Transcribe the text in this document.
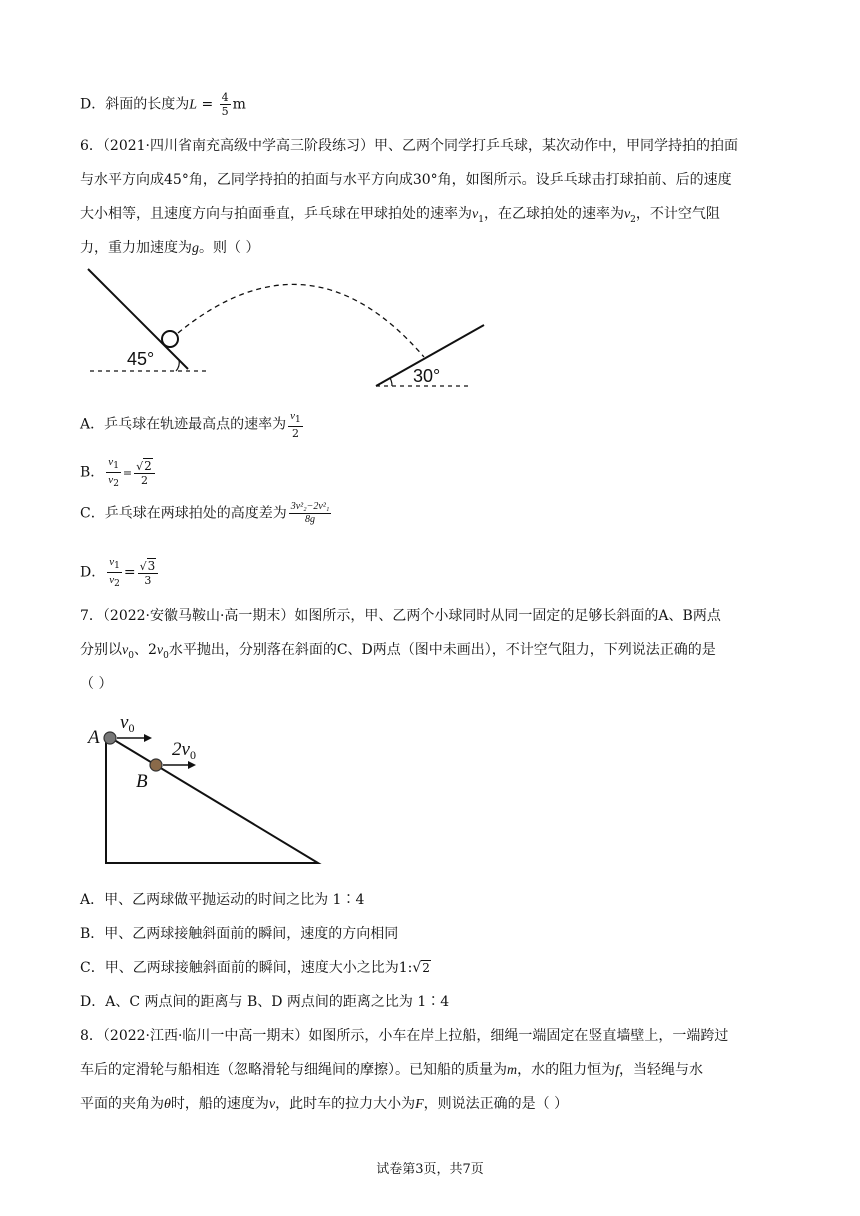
D．斜面的长度为$L = \frac{4}{5}$ m
6．（2021·四川省南充高级中学高三阶段练习）甲、乙两个同学打乒乓球，某次动作中，甲同学持拍的拍面
与水平方向成45°角，乙同学持拍的拍面与水平方向成30°角，如图所示。设乒乓球击打球拍前、后的速度
大小相等，且速度方向与拍面垂直，乒乓球在甲球拍处的速率为$v_1$，在乙球拍处的速率为$v_2$，不计空气阻
力，重力加速度为g。则（ ）
45°
30°
A．乒乓球在轨迹最高点的速率为 $\frac{v_1}{2}$
B． $\frac{v_1}{v_2} = \frac{√2}{2}$
C．乒乓球在两球拍处的高度差为 $\frac{\text{3v²₂−2v²₁}}{8g}$
D． $\frac{v_1}{v_2} = \frac{√3}{3}$
7．（2022·安徽马鞍山·高一期末）如图所示，甲、乙两个小球同时从同一固定的足够长斜面的A、B两点
分别以$v_0$、$2v_0$水平抛出，分别落在斜面的C、D两点（图中未画出），不计空气阻力，下列说法正确的是
（ ）
A
B
$v_0$
$2v_0$
A．甲、乙两球做平抛运动的时间之比为 1∶4
B．甲、乙两球接触斜面前的瞬间，速度的方向相同
C．甲、乙两球接触斜面前的瞬间，速度大小之比为1:√2
D．A、C 两点间的距离与 B、D 两点间的距离之比为 1∶4
8．（2022·江西·临川一中高一期末）如图所示，小车在岸上拉船，细绳一端固定在竖直墙壁上，一端跨过
车后的定滑轮与船相连（忽略滑轮与细绳间的摩擦）。已知船的质量为m，水的阻力恒为f，当轻绳与水
平面的夹角为θ时，船的速度为v，此时车的拉力大小为F，则说法正确的是（ ）
试卷第3页，共7页
